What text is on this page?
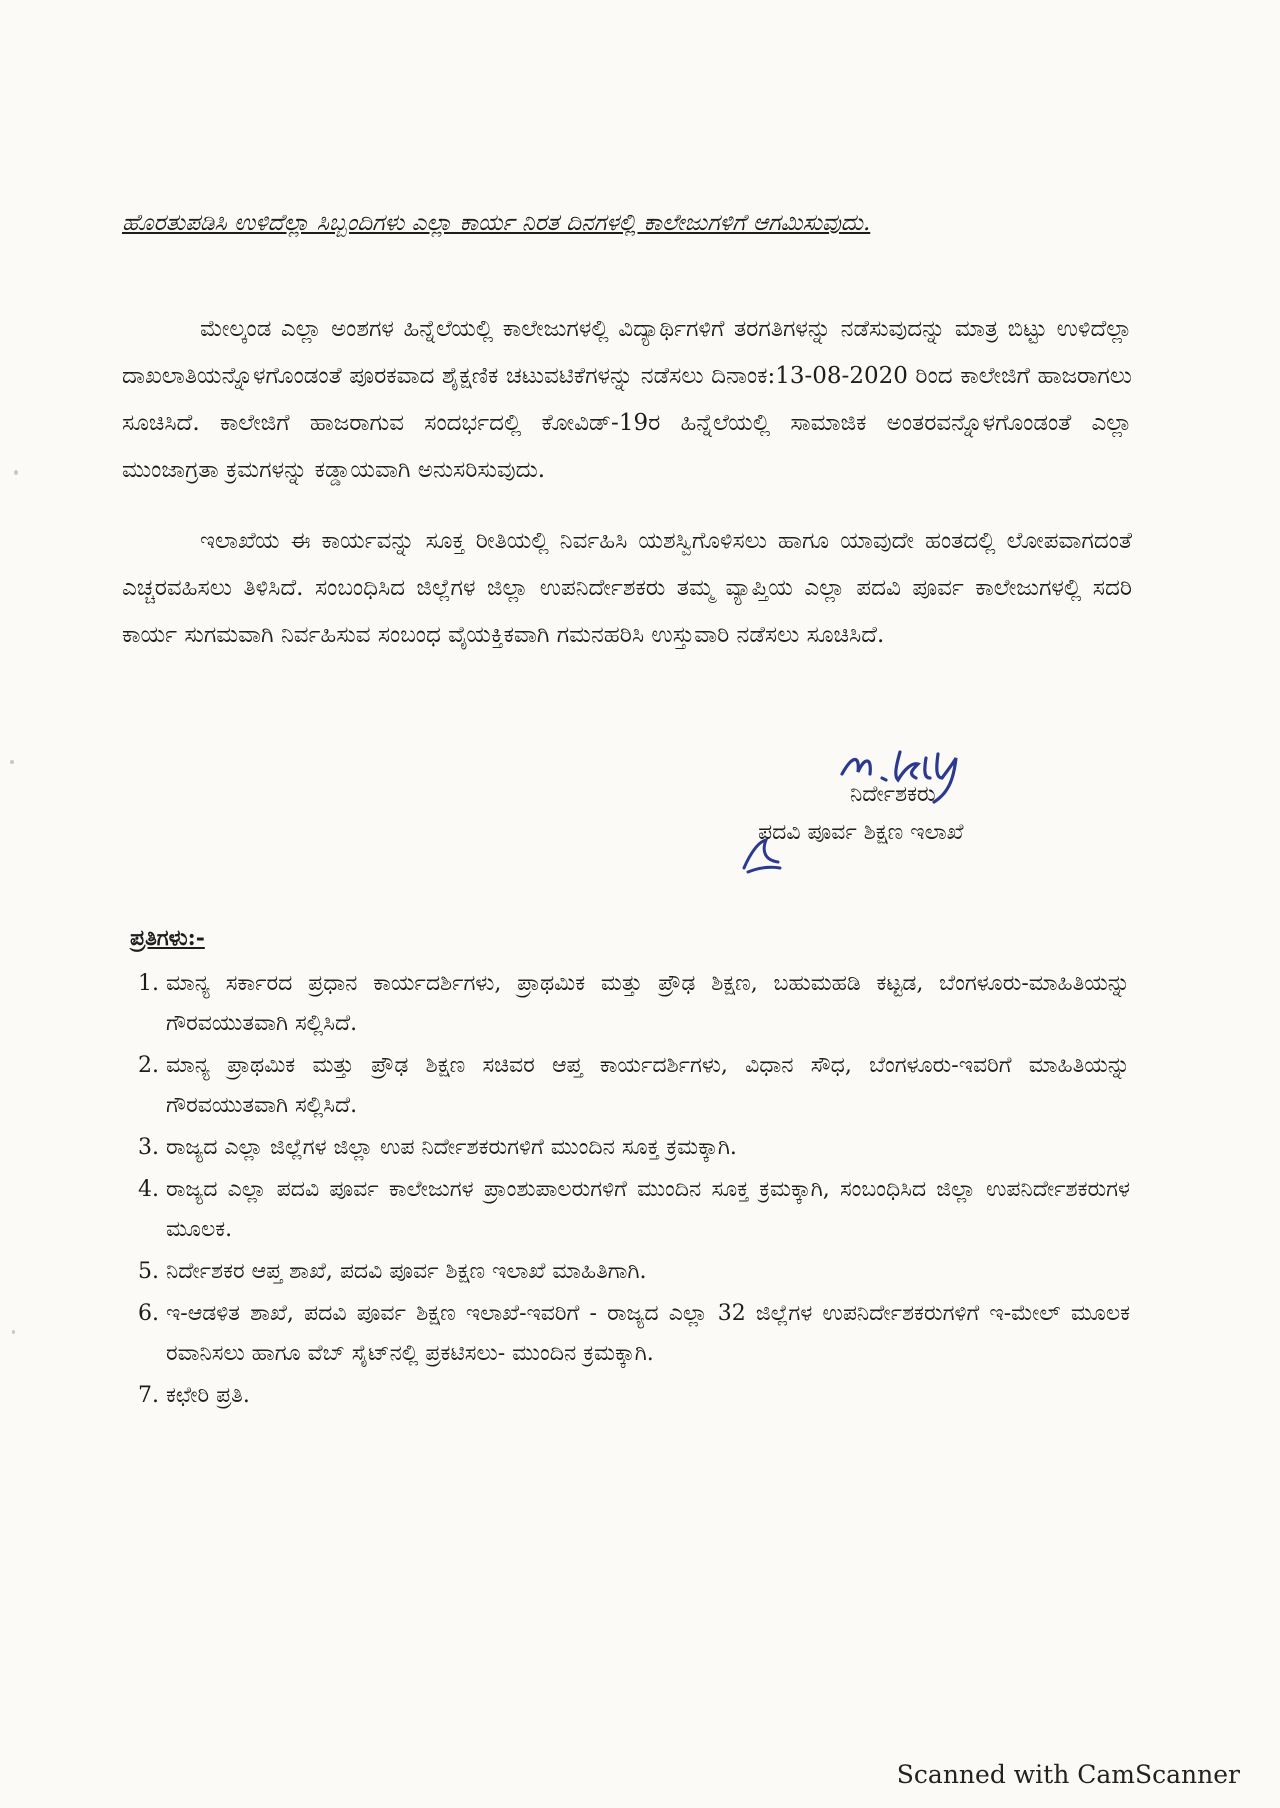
ಹೊರತುಪಡಿಸಿ ಉಳಿದೆಲ್ಲಾ ಸಿಬ್ಬಂದಿಗಳು ಎಲ್ಲಾ ಕಾರ್ಯ ನಿರತ ದಿನಗಳಲ್ಲಿ ಕಾಲೇಜುಗಳಿಗೆ ಆಗಮಿಸುವುದು.

ಮೇಲ್ಕಂಡ ಎಲ್ಲಾ ಅಂಶಗಳ ಹಿನ್ನೆಲೆಯಲ್ಲಿ ಕಾಲೇಜುಗಳಲ್ಲಿ ವಿದ್ಯಾರ್ಥಿಗಳಿಗೆ ತರಗತಿಗಳನ್ನು ನಡೆಸುವುದನ್ನು ಮಾತ್ರ ಬಿಟ್ಟು ಉಳಿದೆಲ್ಲಾ ದಾಖಲಾತಿಯನ್ನೊಳಗೊಂಡಂತೆ ಪೂರಕವಾದ ಶೈಕ್ಷಣಿಕ ಚಟುವಟಿಕೆಗಳನ್ನು ನಡೆಸಲು ದಿನಾಂಕ:13-08-2020 ರಿಂದ ಕಾಲೇಜಿಗೆ ಹಾಜರಾಗಲು ಸೂಚಿಸಿದೆ. ಕಾಲೇಜಿಗೆ ಹಾಜರಾಗುವ ಸಂದರ್ಭದಲ್ಲಿ ಕೋವಿಡ್-19ರ ಹಿನ್ನೆಲೆಯಲ್ಲಿ ಸಾಮಾಜಿಕ ಅಂತರವನ್ನೊಳಗೊಂಡಂತೆ ಎಲ್ಲಾ ಮುಂಜಾಗ್ರತಾ ಕ್ರಮಗಳನ್ನು ಕಡ್ಡಾಯವಾಗಿ ಅನುಸರಿಸುವುದು.

ಇಲಾಖೆಯ ಈ ಕಾರ್ಯವನ್ನು ಸೂಕ್ತ ರೀತಿಯಲ್ಲಿ ನಿರ್ವಹಿಸಿ ಯಶಸ್ವಿಗೊಳಿಸಲು ಹಾಗೂ ಯಾವುದೇ ಹಂತದಲ್ಲಿ ಲೋಪವಾಗದಂತೆ ಎಚ್ಚರವಹಿಸಲು ತಿಳಿಸಿದೆ. ಸಂಬಂಧಿಸಿದ ಜಿಲ್ಲೆಗಳ ಜಿಲ್ಲಾ ಉಪನಿರ್ದೇಶಕರು ತಮ್ಮ ವ್ಯಾಪ್ತಿಯ ಎಲ್ಲಾ ಪದವಿ ಪೂರ್ವ ಕಾಲೇಜುಗಳಲ್ಲಿ ಸದರಿ ಕಾರ್ಯ ಸುಗಮವಾಗಿ ನಿರ್ವಹಿಸುವ ಸಂಬಂಧ ವೈಯಕ್ತಿಕವಾಗಿ ಗಮನಹರಿಸಿ ಉಸ್ತುವಾರಿ ನಡೆಸಲು ಸೂಚಿಸಿದೆ.

ನಿರ್ದೇಶಕರು
ಪದವಿ ಪೂರ್ವ ಶಿಕ್ಷಣ ಇಲಾಖೆ
ಪ್ರತಿಗಳು:-
1. ಮಾನ್ಯ ಸರ್ಕಾರದ ಪ್ರಧಾನ ಕಾರ್ಯದರ್ಶಿಗಳು, ಪ್ರಾಥಮಿಕ ಮತ್ತು ಪ್ರೌಢ ಶಿಕ್ಷಣ, ಬಹುಮಹಡಿ ಕಟ್ಟಡ, ಬೆಂಗಳೂರು-ಮಾಹಿತಿಯನ್ನು ಗೌರವಯುತವಾಗಿ ಸಲ್ಲಿಸಿದೆ.
2. ಮಾನ್ಯ ಪ್ರಾಥಮಿಕ ಮತ್ತು ಪ್ರೌಢ ಶಿಕ್ಷಣ ಸಚಿವರ ಆಪ್ತ ಕಾರ್ಯದರ್ಶಿಗಳು, ವಿಧಾನ ಸೌಧ, ಬೆಂಗಳೂರು-ಇವರಿಗೆ ಮಾಹಿತಿಯನ್ನು ಗೌರವಯುತವಾಗಿ ಸಲ್ಲಿಸಿದೆ.
3. ರಾಜ್ಯದ ಎಲ್ಲಾ ಜಿಲ್ಲೆಗಳ ಜಿಲ್ಲಾ ಉಪ ನಿರ್ದೇಶಕರುಗಳಿಗೆ ಮುಂದಿನ ಸೂಕ್ತ ಕ್ರಮಕ್ಕಾಗಿ.
4. ರಾಜ್ಯದ ಎಲ್ಲಾ ಪದವಿ ಪೂರ್ವ ಕಾಲೇಜುಗಳ ಪ್ರಾಂಶುಪಾಲರುಗಳಿಗೆ ಮುಂದಿನ ಸೂಕ್ತ ಕ್ರಮಕ್ಕಾಗಿ, ಸಂಬಂಧಿಸಿದ ಜಿಲ್ಲಾ ಉಪನಿರ್ದೇಶಕರುಗಳ ಮೂಲಕ.
5. ನಿರ್ದೇಶಕರ ಆಪ್ತ ಶಾಖೆ, ಪದವಿ ಪೂರ್ವ ಶಿಕ್ಷಣ ಇಲಾಖೆ ಮಾಹಿತಿಗಾಗಿ.
6. ಇ-ಆಡಳಿತ ಶಾಖೆ, ಪದವಿ ಪೂರ್ವ ಶಿಕ್ಷಣ ಇಲಾಖೆ-ಇವರಿಗೆ - ರಾಜ್ಯದ ಎಲ್ಲಾ 32 ಜಿಲ್ಲೆಗಳ ಉಪನಿರ್ದೇಶಕರುಗಳಿಗೆ ಇ-ಮೇಲ್ ಮೂಲಕ ರವಾನಿಸಲು ಹಾಗೂ ವೆಬ್ ಸೈಟ್‌ನಲ್ಲಿ ಪ್ರಕಟಿಸಲು- ಮುಂದಿನ ಕ್ರಮಕ್ಕಾಗಿ.
7. ಕಛೇರಿ ಪ್ರತಿ.
Scanned with CamScanner
